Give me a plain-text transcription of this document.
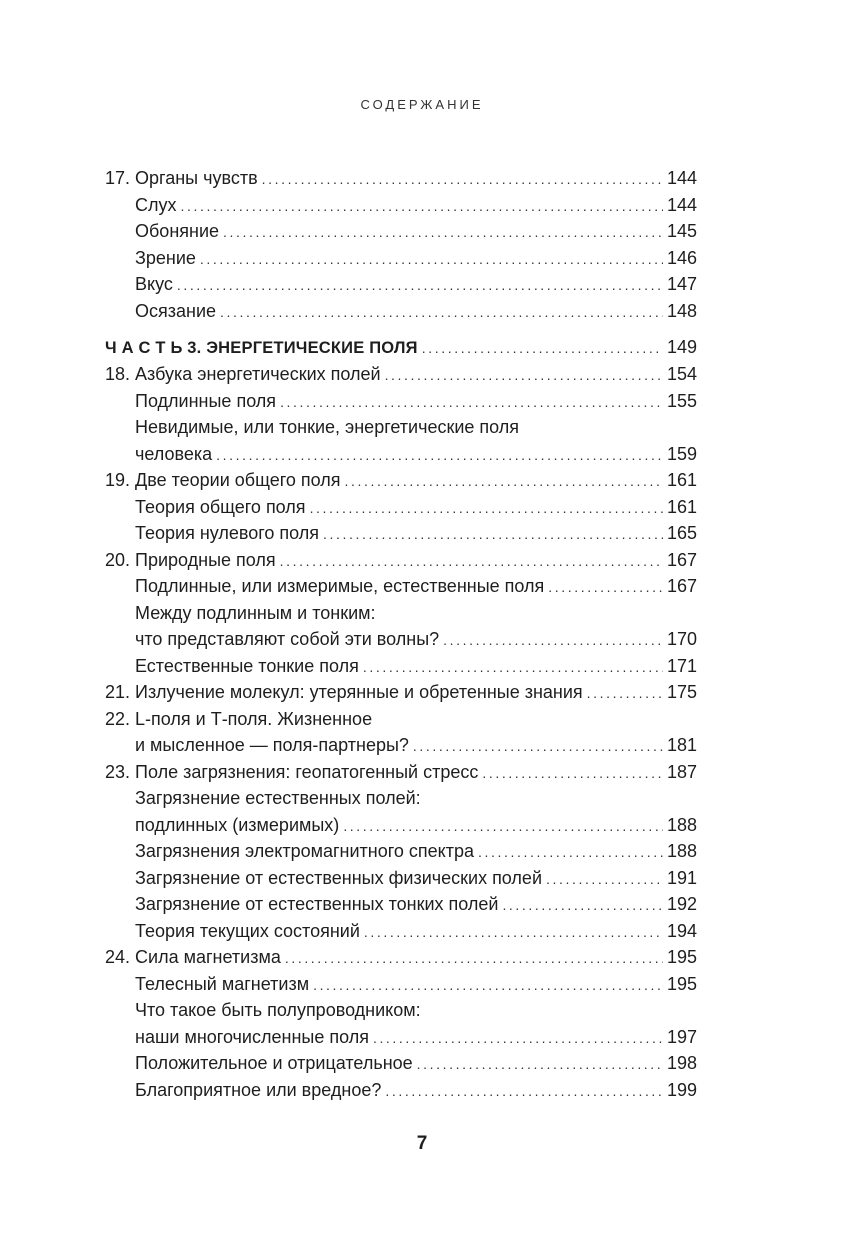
СОДЕРЖАНИЕ
17. Органы чувств .....	144
Слух .....	144
Обоняние .....	145
Зрение .....	146
Вкус .....	147
Осязание .....	148
Ч А С Т Ь 3. ЭНЕРГЕТИЧЕСКИЕ ПОЛЯ .....	149
18. Азбука энергетических полей .....	154
Подлинные поля .....	155
Невидимые, или тонкие, энергетические поля
человека .....	159
19. Две теории общего поля .....	161
Теория общего поля .....	161
Теория нулевого поля .....	165
20. Природные поля .....	167
Подлинные, или измеримые, естественные поля .....	167
Между подлинным и тонким:
что представляют собой эти волны? .....	170
Естественные тонкие поля .....	171
21. Излучение молекул: утерянные и обретенные знания .....	175
22. L-поля и Т-поля. Жизненное
и мысленное — поля-партнеры? .....	181
23. Поле загрязнения: геопатогенный стресс .....	187
Загрязнение естественных полей:
подлинных (измеримых) .....	188
Загрязнения электромагнитного спектра .....	188
Загрязнение от естественных физических полей .....	191
Загрязнение от естественных тонких полей .....	192
Теория текущих состояний .....	194
24. Сила магнетизма .....	195
Телесный магнетизм .....	195
Что такое быть полупроводником:
наши многочисленные поля .....	197
Положительное и отрицательное .....	198
Благоприятное или вредное? .....	199
7
